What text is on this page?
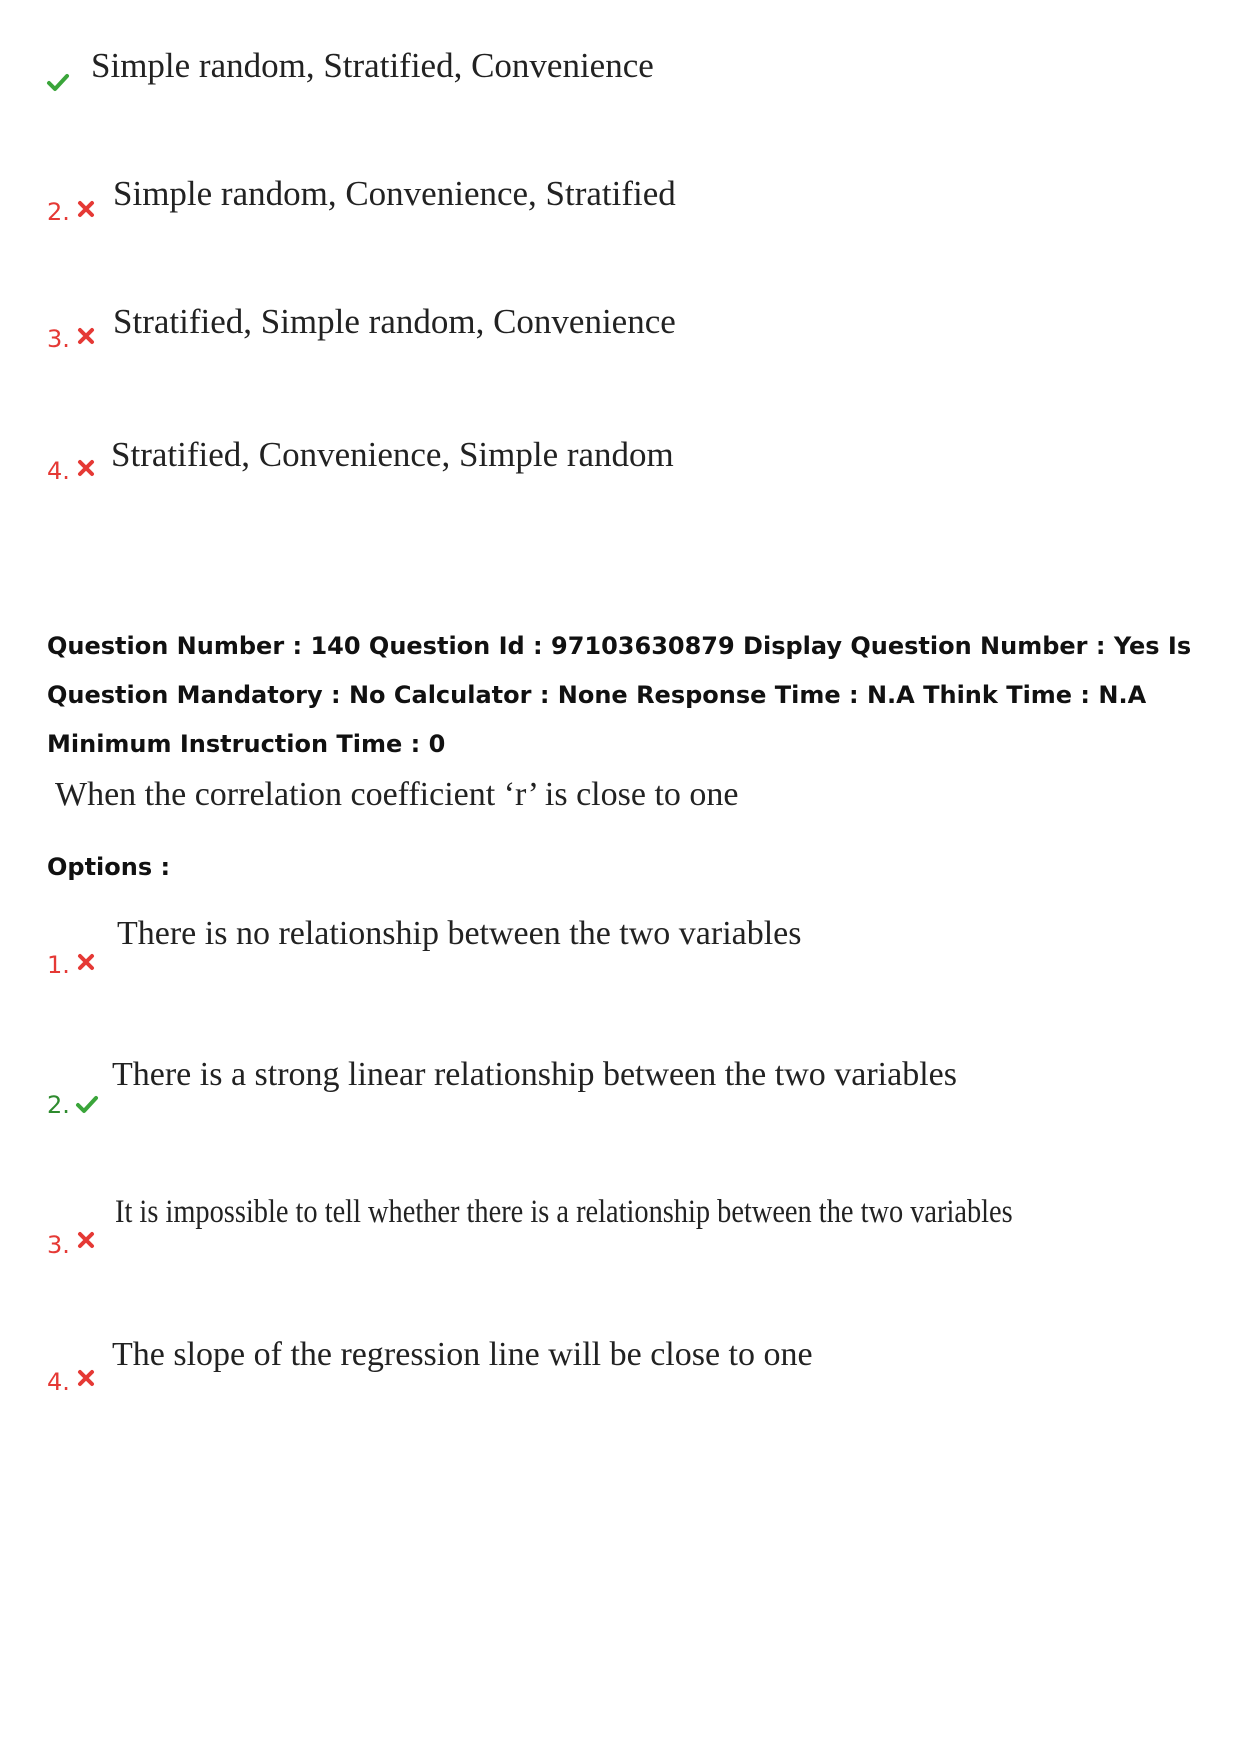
Simple random, Stratified, Convenience
2. Simple random, Convenience, Stratified
3. Stratified, Simple random, Convenience
4. Stratified, Convenience, Simple random
Question Number : 140 Question Id : 97103630879 Display Question Number : Yes Is Question Mandatory : No Calculator : None Response Time : N.A Think Time : N.A Minimum Instruction Time : 0
When the correlation coefficient ‘r’ is close to one
Options :
1.
There is no relationship between the two variables
2.
There is a strong linear relationship between the two variables
3.
It is impossible to tell whether there is a relationship between the two variables
4.
The slope of the regression line will be close to one
